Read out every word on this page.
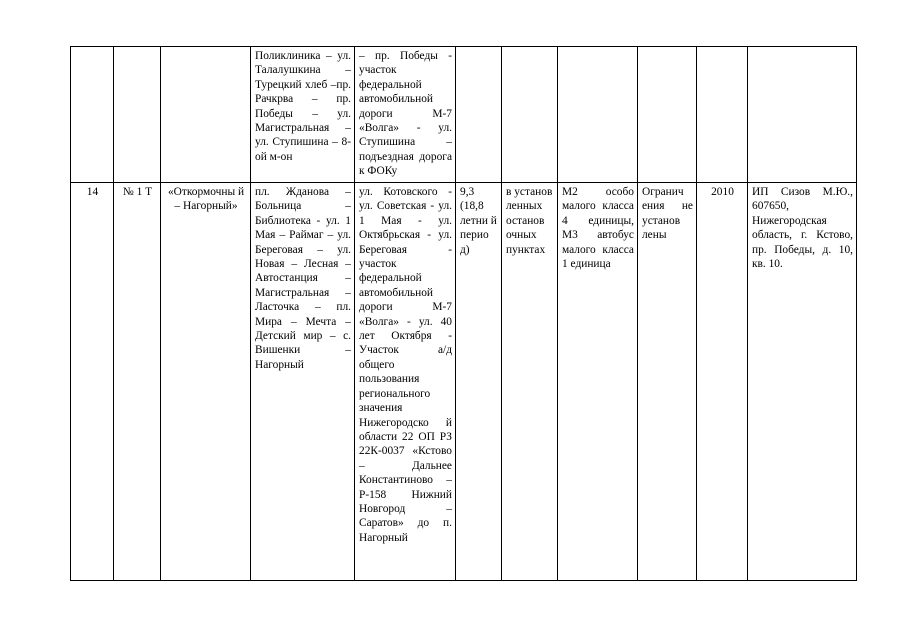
			Поликлиника – ул. Талалушкина – Турецкий хлеб –пр. Рачкрва – пр. Победы – ул. Магистральная – ул. Ступишина – 8-ой м-он	– пр. Победы - участок федеральной автомобильной дороги М-7 «Волга» - ул. Ступишина – подъездная дорога к ФОКу						
14	№ 1 Т	«Откормочны й – Нагорный»	пл. Жданова – Больница – Библиотека - ул. 1 Мая – Раймаг – ул. Береговая – ул. Новая – Лесная – Автостанция – Магистральная – Ласточка – пл. Мира – Мечта – Детский мир – с. Вишенки – Нагорный	ул. Котовского - ул. Советская - ул. 1 Мая - ул. Октябрьская - ул. Береговая - участок федеральной автомобильной дороги М-7 «Волга» - ул. 40 лет Октября - Участок а/д общего пользования регионального значения Нижегородско й области 22 ОП РЗ 22К-0037 «Кстово – Дальнее Константиново – Р-158 Нижний Новгород – Саратов» до п. Нагорный	9,3 (18,8 летни й перио д)	в установ ленных останов очных пунктах	М2 особо малого класса 4 единицы, М3 автобус малого класса 1 единица	Огранич ения не установ лены	2010	ИП Сизов М.Ю., 607650, Нижегородская область, г. Кстово, пр. Победы, д. 10, кв. 10.
